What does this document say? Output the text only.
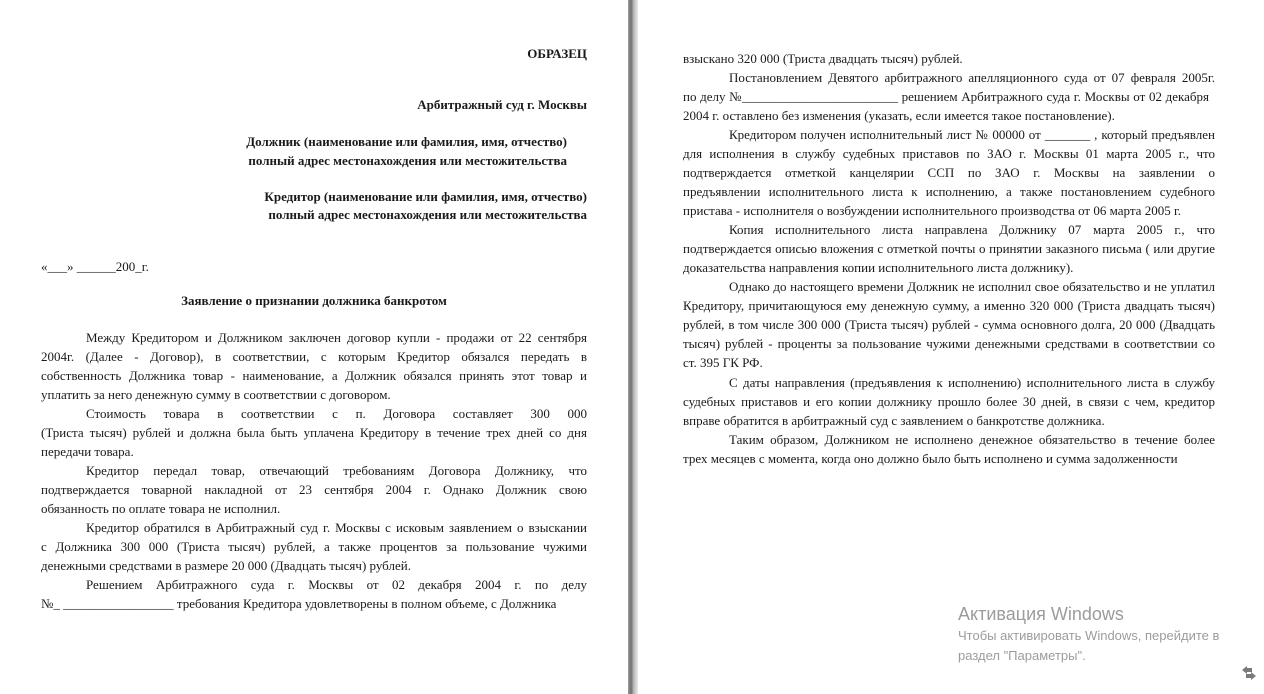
ОБРАЗЕЦ
Арбитражный суд г. Москвы
Должник (наименование или фамилия, имя, отчество)
полный адрес местонахождения или местожительства
Кредитор (наименование или фамилия, имя, отчество)
полный адрес местонахождения или местожительства
«___» ______200_г.
Заявление о признании должника банкротом
Между Кредитором и Должником заключен договор купли - продажи от 22 сентября
2004г. (Далее - Договор), в соответствии, с которым Кредитор обязался передать в
собственность Должника товар - наименование, а Должник обязался принять этот товар и
уплатить за него денежную сумму в соответствии с договором.
Стоимость товара в соответствии с п. Договора составляет 300 000
(Триста тысяч) рублей и должна была быть уплачена Кредитору в течение трех дней со дня
передачи товара.
Кредитор передал товар, отвечающий требованиям Договора Должнику, что
подтверждается товарной накладной от 23 сентября 2004 г. Однако Должник свою
обязанность по оплате товара не исполнил.
Кредитор обратился в Арбитражный суд г. Москвы с исковым заявлением о взыскании
с Должника 300 000 (Триста тысяч) рублей, а также процентов за пользование чужими
денежными средствами в размере 20 000 (Двадцать тысяч) рублей.
Решением Арбитражного суда г. Москвы от 02 декабря 2004 г. по делу
№_ _________________ требования Кредитора удовлетворены в полном объеме, с Должника
взыскано 320 000 (Триста двадцать тысяч) рублей.
Постановлением Девятого арбитражного апелляционного суда от 07 февраля 2005г.
по делу №________________________ решением Арбитражного суда г. Москвы от 02 декабря
2004 г. оставлено без изменения (указать, если имеется такое постановление).
Кредитором получен исполнительный лист № 00000 от _______ , который предъявлен
для исполнения в службу судебных приставов по ЗАО г. Москвы 01 марта 2005 г., что
подтверждается отметкой канцелярии ССП по ЗАО г. Москвы на заявлении о
предъявлении исполнительного листа к исполнению, а также постановлением судебного
пристава - исполнителя о возбуждении исполнительного производства от 06 марта 2005 г.
Копия исполнительного листа направлена Должнику 07 марта 2005 г., что
подтверждается описью вложения с отметкой почты о принятии заказного письма ( или другие
доказательства направления копии исполнительного листа должнику).
Однако до настоящего времени Должник не исполнил свое обязательство и не уплатил
Кредитору, причитающуюся ему денежную сумму, а именно 320 000 (Триста двадцать тысяч)
рублей, в том числе 300 000 (Триста тысяч) рублей - сумма основного долга, 20 000 (Двадцать
тысяч) рублей - проценты за пользование чужими денежными средствами в соответствии со
ст. 395 ГК РФ.
С даты направления (предъявления к исполнению) исполнительного листа в службу
судебных приставов и его копии должнику прошло более 30 дней, в связи с чем, кредитор
вправе обратится в арбитражный суд с заявлением о банкротстве должника.
Таким образом, Должником не исполнено денежное обязательство в течение более
трех месяцев с момента, когда оно должно было быть исполнено и сумма задолженности
Активация Windows
Чтобы активировать Windows, перейдите в
раздел "Параметры".
